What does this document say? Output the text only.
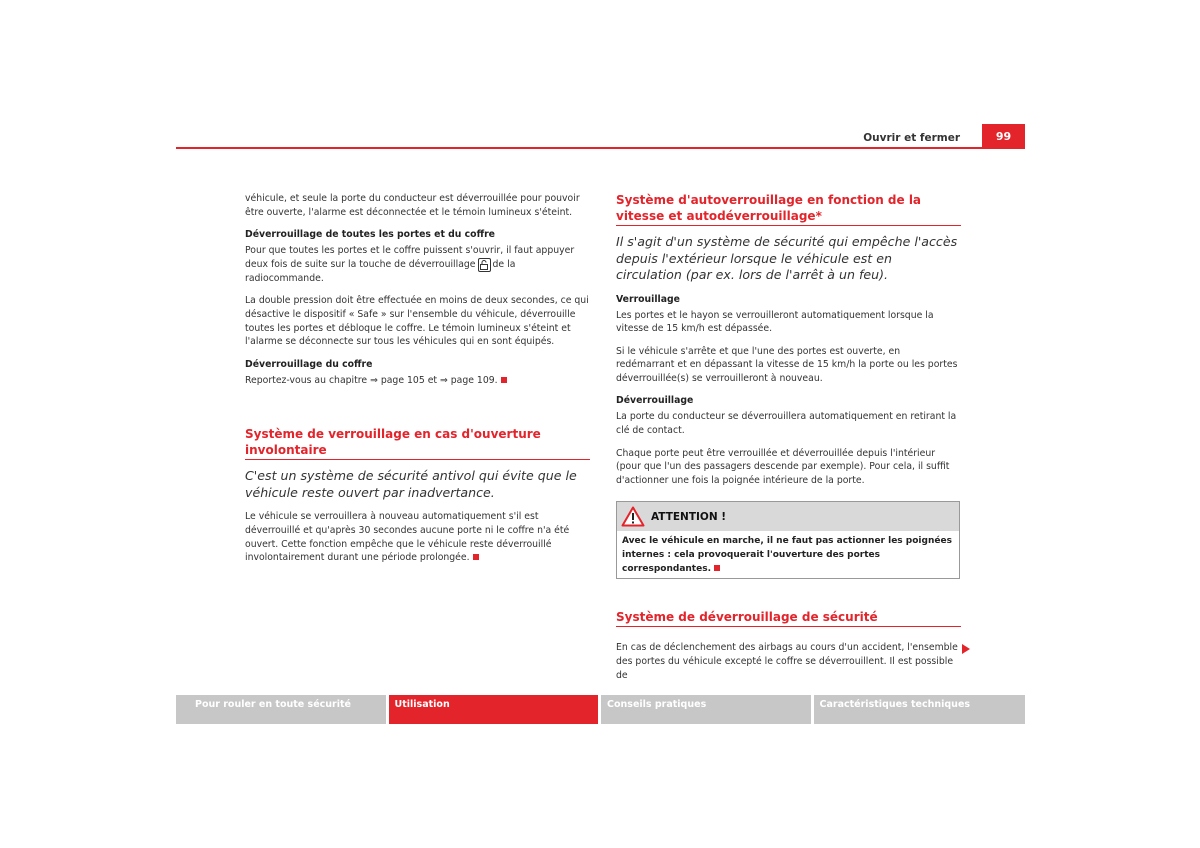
Ouvrir et fermer	99

véhicule, et seule la porte du conducteur est déverrouillée pour pouvoir être ouverte, l'alarme est déconnectée et le témoin lumineux s'éteint.

Déverrouillage de toutes les portes et du coffre

Pour que toutes les portes et le coffre puissent s'ouvrir, il faut appuyer deux fois de suite sur la touche de déverrouillage de la radiocommande.

La double pression doit être effectuée en moins de deux secondes, ce qui désactive le dispositif « Safe » sur l'ensemble du véhicule, déverrouille toutes les portes et débloque le coffre. Le témoin lumineux s'éteint et l'alarme se déconnecte sur tous les véhicules qui en sont équipés.

Déverrouillage du coffre

Reportez-vous au chapitre ⇒ page 105 et ⇒ page 109.

Système de verrouillage en cas d'ouverture involontaire
C'est un système de sécurité antivol qui évite que le véhicule reste ouvert par inadvertance.

Le véhicule se verrouillera à nouveau automatiquement s'il est déverrouillé et qu'après 30 secondes aucune porte ni le coffre n'a été ouvert. Cette fonction empêche que le véhicule reste déverrouillé involontairement durant une période prolongée.

Système d'autoverrouillage en fonction de la vitesse et autodéverrouillage*
Il s'agit d'un système de sécurité qui empêche l'accès depuis l'extérieur lorsque le véhicule est en circulation (par ex. lors de l'arrêt à un feu).
Verrouillage

Les portes et le hayon se verrouilleront automatiquement lorsque la vitesse de 15 km/h est dépassée.

Si le véhicule s'arrête et que l'une des portes est ouverte, en redémarrant et en dépassant la vitesse de 15 km/h la porte ou les portes déverrouillée(s) se verrouilleront à nouveau.

Déverrouillage

La porte du conducteur se déverrouillera automatiquement en retirant la clé de contact.

Chaque porte peut être verrouillée et déverrouillée depuis l'intérieur (pour que l'un des passagers descende par exemple). Pour cela, il suffit d'actionner une fois la poignée intérieure de la porte.

ATTENTION !
Avec le véhicule en marche, il ne faut pas actionner les poignées internes : cela provoquerait l'ouverture des portes correspondantes.
Système de déverrouillage de sécurité

En cas de déclenchement des airbags au cours d'un accident, l'ensemble des portes du véhicule excepté le coffre se déverrouillent. Il est possible de

Pour rouler en toute sécurité	Utilisation	Conseils pratiques	Caractéristiques techniques
